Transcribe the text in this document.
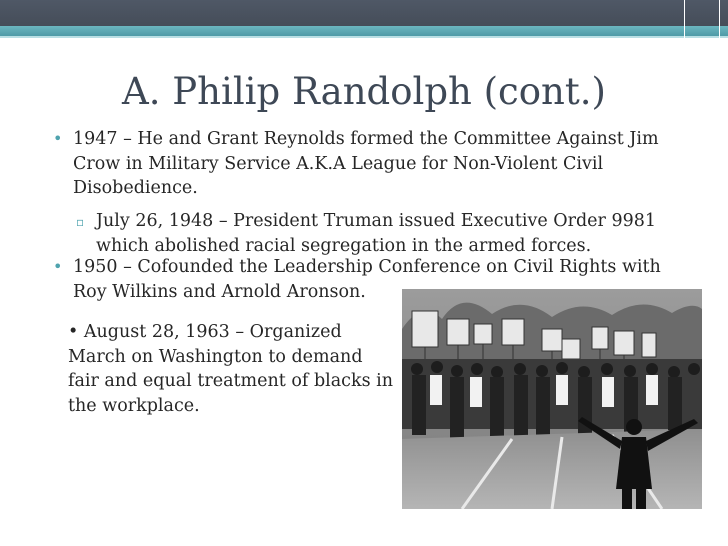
A. Philip Randolph (cont.)
• 1947 – He and Grant Reynolds formed the Committee Against Jim Crow in Military Service A.K.A League for Non-Violent Civil Disobedience.
▫ July 26, 1948 – President Truman issued Executive Order 9981 which abolished racial segregation in the armed forces.
• 1950 – Cofounded the Leadership Conference on Civil Rights with Roy Wilkins and Arnold Aronson.
• August 28, 1963 – Organized March on Washington to demand fair and equal treatment of blacks in the workplace.
